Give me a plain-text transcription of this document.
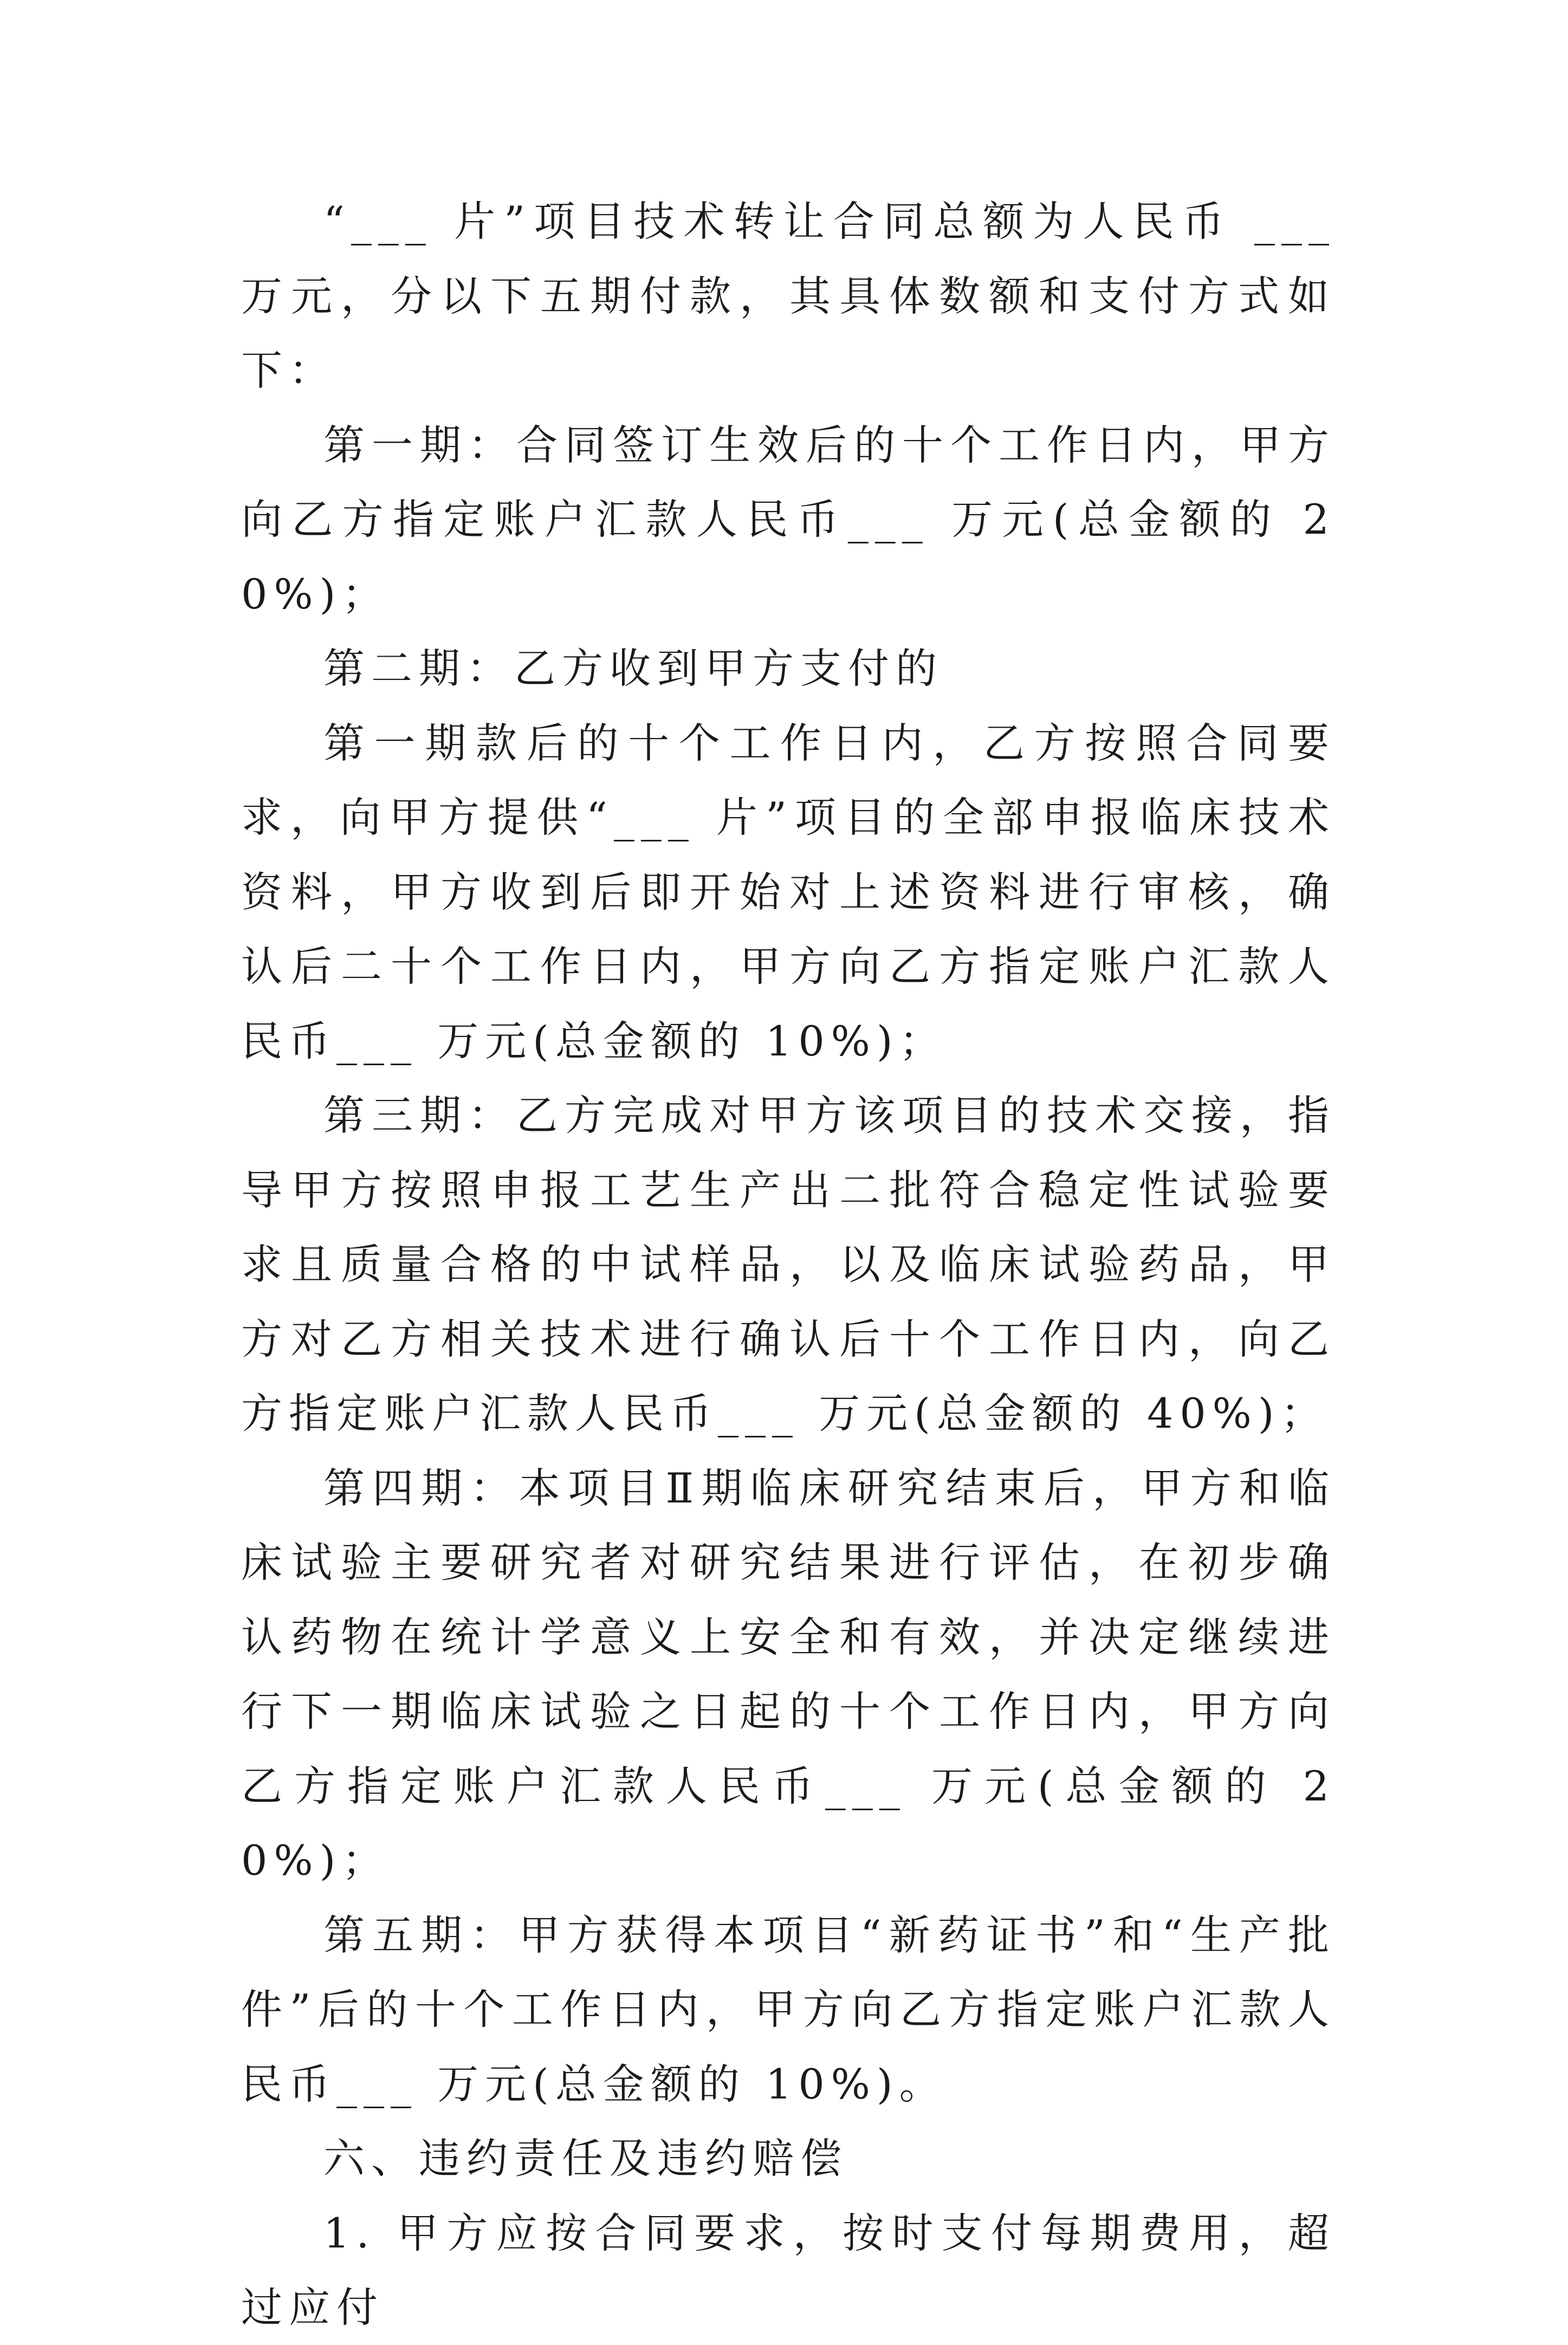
“___ 片”项目技术转让合同总额为人民币 ___ 万元，分以下五期付款，其具体数额和支付方式如下：

第一期：合同签订生效后的十个工作日内，甲方向乙方指定账户汇款人民币___ 万元(总金额的 20%)；

第二期：乙方收到甲方支付的

第一期款后的十个工作日内，乙方按照合同要求，向甲方提供“___ 片”项目的全部申报临床技术资料，甲方收到后即开始对上述资料进行审核，确认后二十个工作日内，甲方向乙方指定账户汇款人民币___ 万元(总金额的 10%)；

第三期：乙方完成对甲方该项目的技术交接，指导甲方按照申报工艺生产出二批符合稳定性试验要求且质量合格的中试样品，以及临床试验药品，甲方对乙方相关技术进行确认后十个工作日内，向乙方指定账户汇款人民币___ 万元(总金额的 40%)；

第四期：本项目Ⅱ期临床研究结束后，甲方和临床试验主要研究者对研究结果进行评估，在初步确认药物在统计学意义上安全和有效，并决定继续进行下一期临床试验之日起的十个工作日内，甲方向乙方指定账户汇款人民币___ 万元(总金额的 20%)；

第五期：甲方获得本项目“新药证书”和“生产批件”后的十个工作日内，甲方向乙方指定账户汇款人民币___ 万元(总金额的 10%)。

六、违约责任及违约赔偿

1. 甲方应按合同要求，按时支付每期费用，超过应付
